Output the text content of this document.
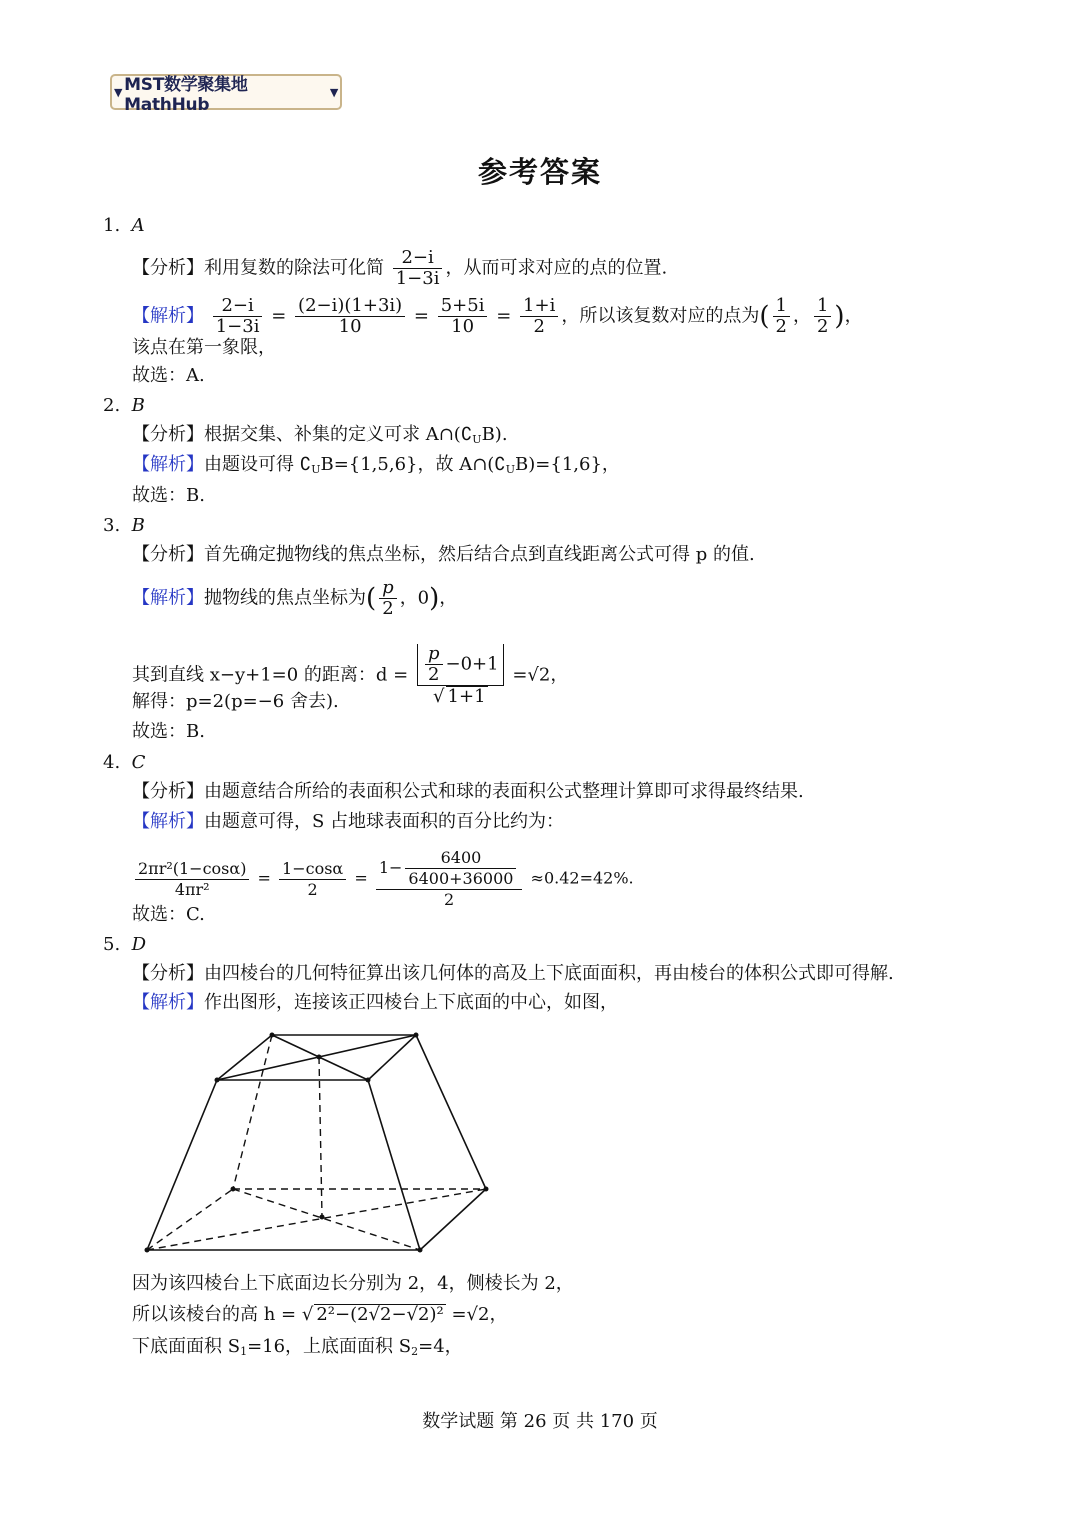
▼ MST数学聚集地MathHub
▼
参考答案
1. A
【分析】利用复数的除法可化简 $\frac{2-i}{1-3i}$ ，从而可求对应的点的位置.
【解析】 $\frac{2-i}{1-3i} = \frac{(2-i)(1+3i)}{10} = \frac{5+5i}{10} = \frac{1+i}{2}$ ，所以该复数对应的点为( $\frac{1}{2}$ ， $\frac{1}{2}$ )，
该点在第一象限，
故选：A.
2. B
【分析】根据交集、补集的定义可求 $A\cap(∁_UB)$.
【解析】由题设可得 $∁_UB=\{1,5,6\}$，故 $A\cap(∁_UB)=\{1,6\}$，
故选：B.
3. B
【分析】首先确定抛物线的焦点坐标，然后结合点到直线距离公式可得 p 的值.
【解析】抛物线的焦点坐标为( $\frac{p}{2}$ ，0)，
其到直线 x−y+1=0 的距离：$d = \frac{\frac{p}{2} -0+1}{√ 1+1} =√2$，
解得：p=2(p=−6 舍去).
故选：B.
4. C
【分析】由题意结合所给的表面积公式和球的表面积公式整理计算即可求得最终结果.
【解析】由题意可得，S 占地球表面积的百分比约为：
$\frac{\text{2πr²(1−cosα)}}{\text{4πr²}} = \frac{1-\cos\alpha}{2} = \frac{1- \frac{6400}{6400+36000}}{2} \approx 0.42=42\%$.
故选：C.
5. D
【分析】由四棱台的几何特征算出该几何体的高及上下底面面积，再由棱台的体积公式即可得解.
【解析】作出图形，连接该正四棱台上下底面的中心，如图，
因为该四棱台上下底面边长分别为 2，4，侧棱长为 2，
所以该棱台的高 h = √ 2²−(2√2−√2)² =√2，
下底面面积 $S_1=16$，上底面面积 $S_2=4$，
数学试题 第 26 页 共 170 页
